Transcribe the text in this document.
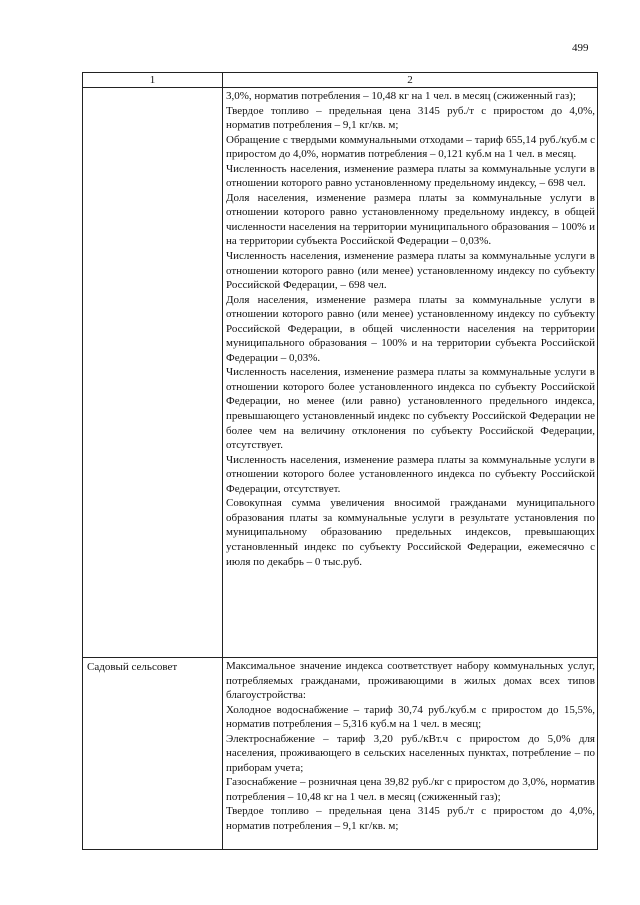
499
1	2

3,0%, норматив потребления – 10,48 кг на 1 чел. в месяц (сжиженный газ);

Твердое топливо – предельная цена 3145 руб./т с приростом до 4,0%, норматив потребления – 9,1 кг/кв. м;

Обращение с твердыми коммунальными отходами – тариф 655,14 руб./куб.м с приростом до 4,0%, норматив потребления – 0,121 куб.м на 1 чел. в месяц.

Численность населения, изменение размера платы за коммунальные услуги в отношении которого равно установленному предельному индексу, – 698 чел.

Доля населения, изменение размера платы за коммунальные услуги в отношении которого равно установленному предельному индексу, в общей численности населения на территории муниципального образования – 100% и на территории субъекта Российской Федерации – 0,03%.

Численность населения, изменение размера платы за коммунальные услуги в отношении которого равно (или менее) установленному индексу по субъекту Российской Федерации, – 698 чел.

Доля населения, изменение размера платы за коммунальные услуги в отношении которого равно (или менее) установленному индексу по субъекту Российской Федерации, в общей численности населения на территории муниципального образования – 100% и на территории субъекта Российской Федерации – 0,03%.

Численность населения, изменение размера платы за коммунальные услуги в отношении которого более установленного индекса по субъекту Российской Федерации, но менее (или равно) установленного предельного индекса, превышающего установленный индекс по субъекту Российской Федерации не более чем на величину отклонения по субъекту Российской Федерации, отсутствует.

Численность населения, изменение размера платы за коммунальные услуги в отношении которого более установленного индекса по субъекту Российской Федерации, отсутствует.

Совокупная сумма увеличения вносимой гражданами муниципального образования платы за коммунальные услуги в результате установления по муниципальному образованию предельных индексов, превышающих установленный индекс по субъекту Российской Федерации, ежемесячно с июля по декабрь – 0 тыс.руб.

Садовый сельсовет	Максимальное значение индекса соответствует набору коммунальных услуг, потребляемых гражданами, проживающими в жилых домах всех типов благоустройства:

Холодное водоснабжение – тариф 30,74 руб./куб.м с приростом до 15,5%, норматив потребления – 5,316 куб.м на 1 чел. в месяц;

Электроснабжение – тариф 3,20 руб./кВт.ч с приростом до 5,0% для населения, проживающего в сельских населенных пунктах, потребление – по приборам учета;

Газоснабжение – розничная цена 39,82 руб./кг с приростом до 3,0%, норматив потребления – 10,48 кг на 1 чел. в месяц (сжиженный газ);

Твердое топливо – предельная цена 3145 руб./т с приростом до 4,0%, норматив потребления – 9,1 кг/кв. м;
